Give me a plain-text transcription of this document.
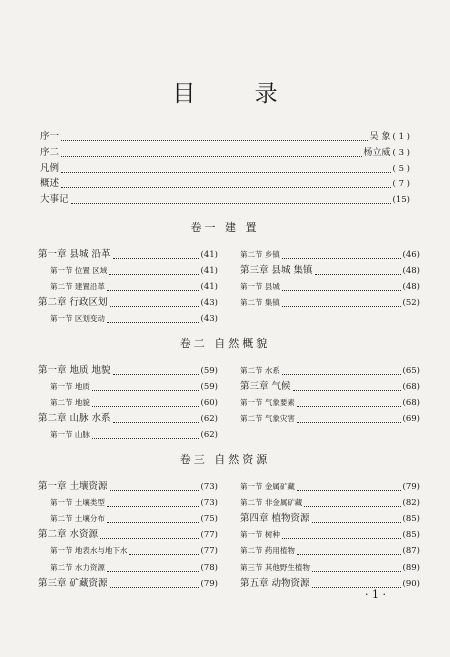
目 录
序一	吴 象 ( 1 )
序二	杨立威 ( 3 )
凡例	( 5 )
概述	( 7 )
大事记	(15)
卷一 建 置
卷二 自然概貌
卷三 自然资源
第一章 县城 沿革	(41)
第一节 位置 区域	(41)
第二节 建置沿革	(41)
第二章 行政区划	(43)
第一节 区划变动	(43)
第二节 乡镇	(46)
第三章 县城 集镇	(48)
第一节 县城	(48)
第二节 集镇	(52)
第一章 地质 地貌	(59)
第一节 地质	(59)
第二节 地貌	(60)
第二章 山脉 水系	(62)
第一节 山脉	(62)
第二节 水系	(65)
第三章 气候	(68)
第一节 气象要素	(68)
第二节 气象灾害	(69)
第一章 土壤资源	(73)
第一节 土壤类型	(73)
第二节 土壤分布	(75)
第二章 水资源	(77)
第一节 地表水与地下水	(77)
第二节 水力资源	(78)
第三章 矿藏资源	(79)
第一节 金属矿藏	(79)
第二节 非金属矿藏	(82)
第四章 植物资源	(85)
第一节 树种	(85)
第二节 药用植物	(87)
第三节 其他野生植物	(89)
第五章 动物资源	(90)
· 1 ·
